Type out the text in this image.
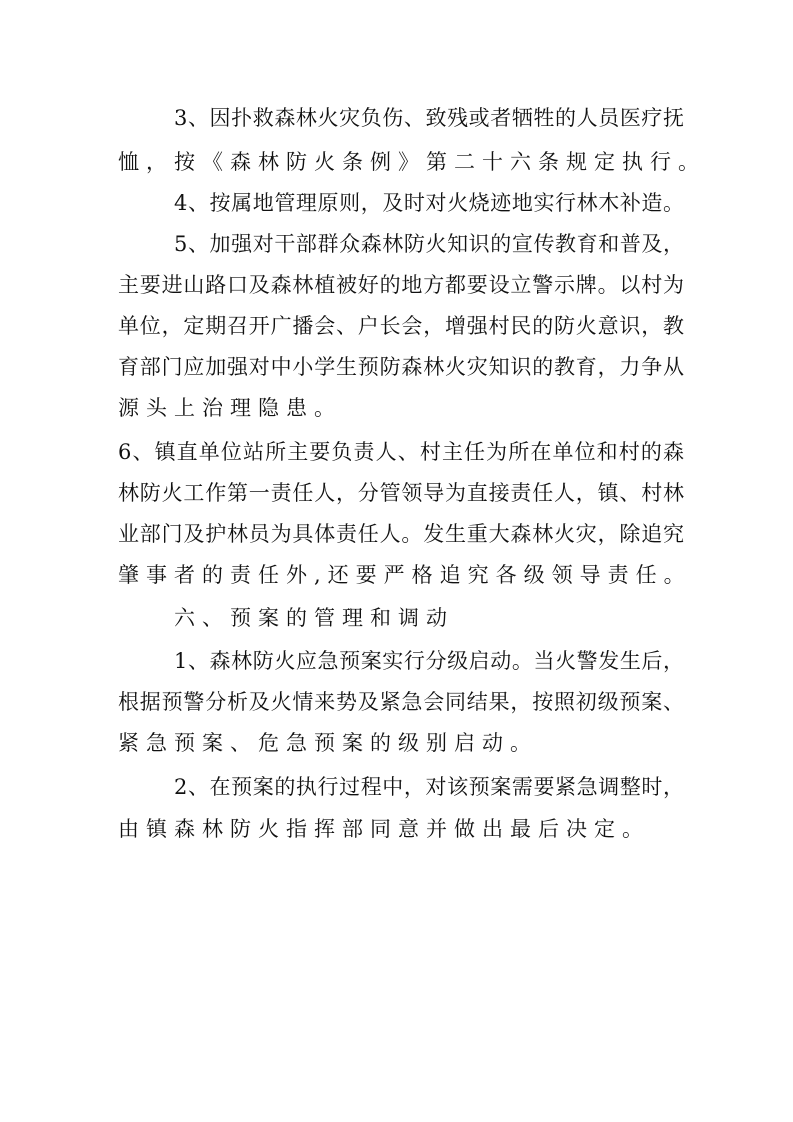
3、因扑救森林火灾负伤、致残或者牺牲的人员医疗抚
恤，按《森林防火条例》第二十六条规定执行。
4、按属地管理原则，及时对火烧迹地实行林木补造。
5、加强对干部群众森林防火知识的宣传教育和普及，
主要进山路口及森林植被好的地方都要设立警示牌。以村为
单位，定期召开广播会、户长会，增强村民的防火意识，教
育部门应加强对中小学生预防森林火灾知识的教育，力争从
源头上治理隐患。
6、镇直单位站所主要负责人、村主任为所在单位和村的森
林防火工作第一责任人，分管领导为直接责任人，镇、村林
业部门及护林员为具体责任人。发生重大森林火灾，除追究
肇事者的责任外,还要严格追究各级领导责任。
六、预案的管理和调动
1、森林防火应急预案实行分级启动。当火警发生后，
根据预警分析及火情来势及紧急会同结果，按照初级预案、
紧急预案、危急预案的级别启动。
2、在预案的执行过程中，对该预案需要紧急调整时，
由镇森林防火指挥部同意并做出最后决定。
